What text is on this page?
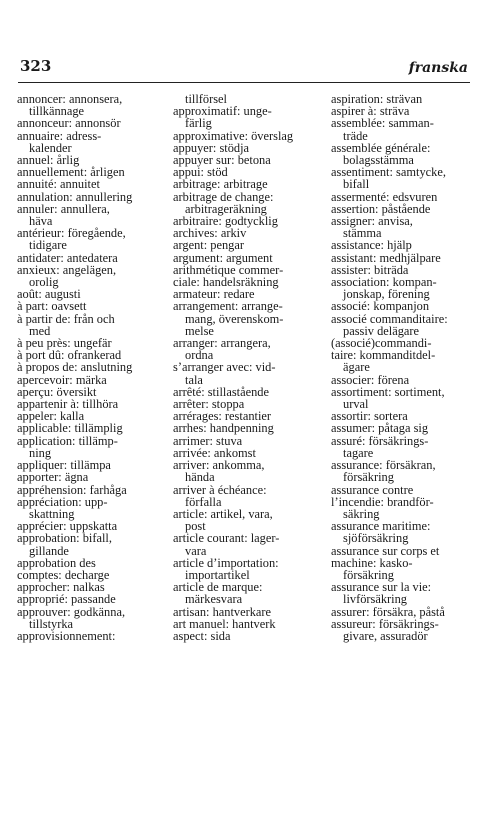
323	franska
annoncer: annonsera,
tillkännage
annonceur: annonsör
annuaire: adress-
kalender
annuel: årlig
annuellement: årligen
annuité: annuitet
annulation: annullering
annuler: annullera,
häva
antérieur: föregående,
tidigare
antidater: antedatera
anxieux: angelägen,
orolig
août: augusti
à part: oavsett
à partir de: från och
med
à peu près: ungefär
à port dû: ofrankerad
à propos de: anslutning
apercevoir: märka
aperçu: översikt
appartenir à: tillhöra
appeler: kalla
applicable: tillämplig
application: tillämp-
ning
appliquer: tillämpa
apporter: ägna
appréhension: farhåga
appréciation: upp-
skattning
apprécier: uppskatta
approbation: bifall,
gillande
approbation des
comptes: decharge
approcher: nalkas
approprié: passande
approuver: godkänna,
tillstyrka
approvisionnement:
tillförsel
approximatif: unge-
färlig
approximative: överslag
appuyer: stödja
appuyer sur: betona
appui: stöd
arbitrage: arbitrage
arbitrage de change:
arbitrageräkning
arbitraire: godtycklig
archives: arkiv
argent: pengar
argument: argument
arithmétique commer-
ciale: handelsräkning
armateur: redare
arrangement: arrange-
mang, överenskom-
melse
arranger: arrangera,
ordna
s’arranger avec: vid-
tala
arrêté: stillastående
arrêter: stoppa
arrérages: restantier
arrhes: handpenning
arrimer: stuva
arrivée: ankomst
arriver: ankomma,
hända
arriver à échéance:
förfalla
article: artikel, vara,
post
article courant: lager-
vara
article d’importation:
importartikel
article de marque:
märkesvara
artisan: hantverkare
art manuel: hantverk
aspect: sida
aspiration: strävan
aspirer à: sträva
assemblée: samman-
träde
assemblée générale:
bolagsstämma
assentiment: samtycke,
bifall
assermenté: edsvuren
assertion: påstående
assigner: anvisa,
stämma
assistance: hjälp
assistant: medhjälpare
assister: biträda
association: kompan-
jonskap, förening
associé: kompanjon
associé commanditaire:
passiv delägare
(associé)commandi-
taire: kommanditdel-
ägare
associer: förena
assortiment: sortiment,
urval
assortir: sortera
assumer: påtaga sig
assuré: försäkrings-
tagare
assurance: försäkran,
försäkring
assurance contre
l’incendie: brandför-
säkring
assurance maritime:
sjöförsäkring
assurance sur corps et
machine: kasko-
försäkring
assurance sur la vie:
livförsäkring
assurer: försäkra, påstå
assureur: försäkrings-
givare, assuradör
